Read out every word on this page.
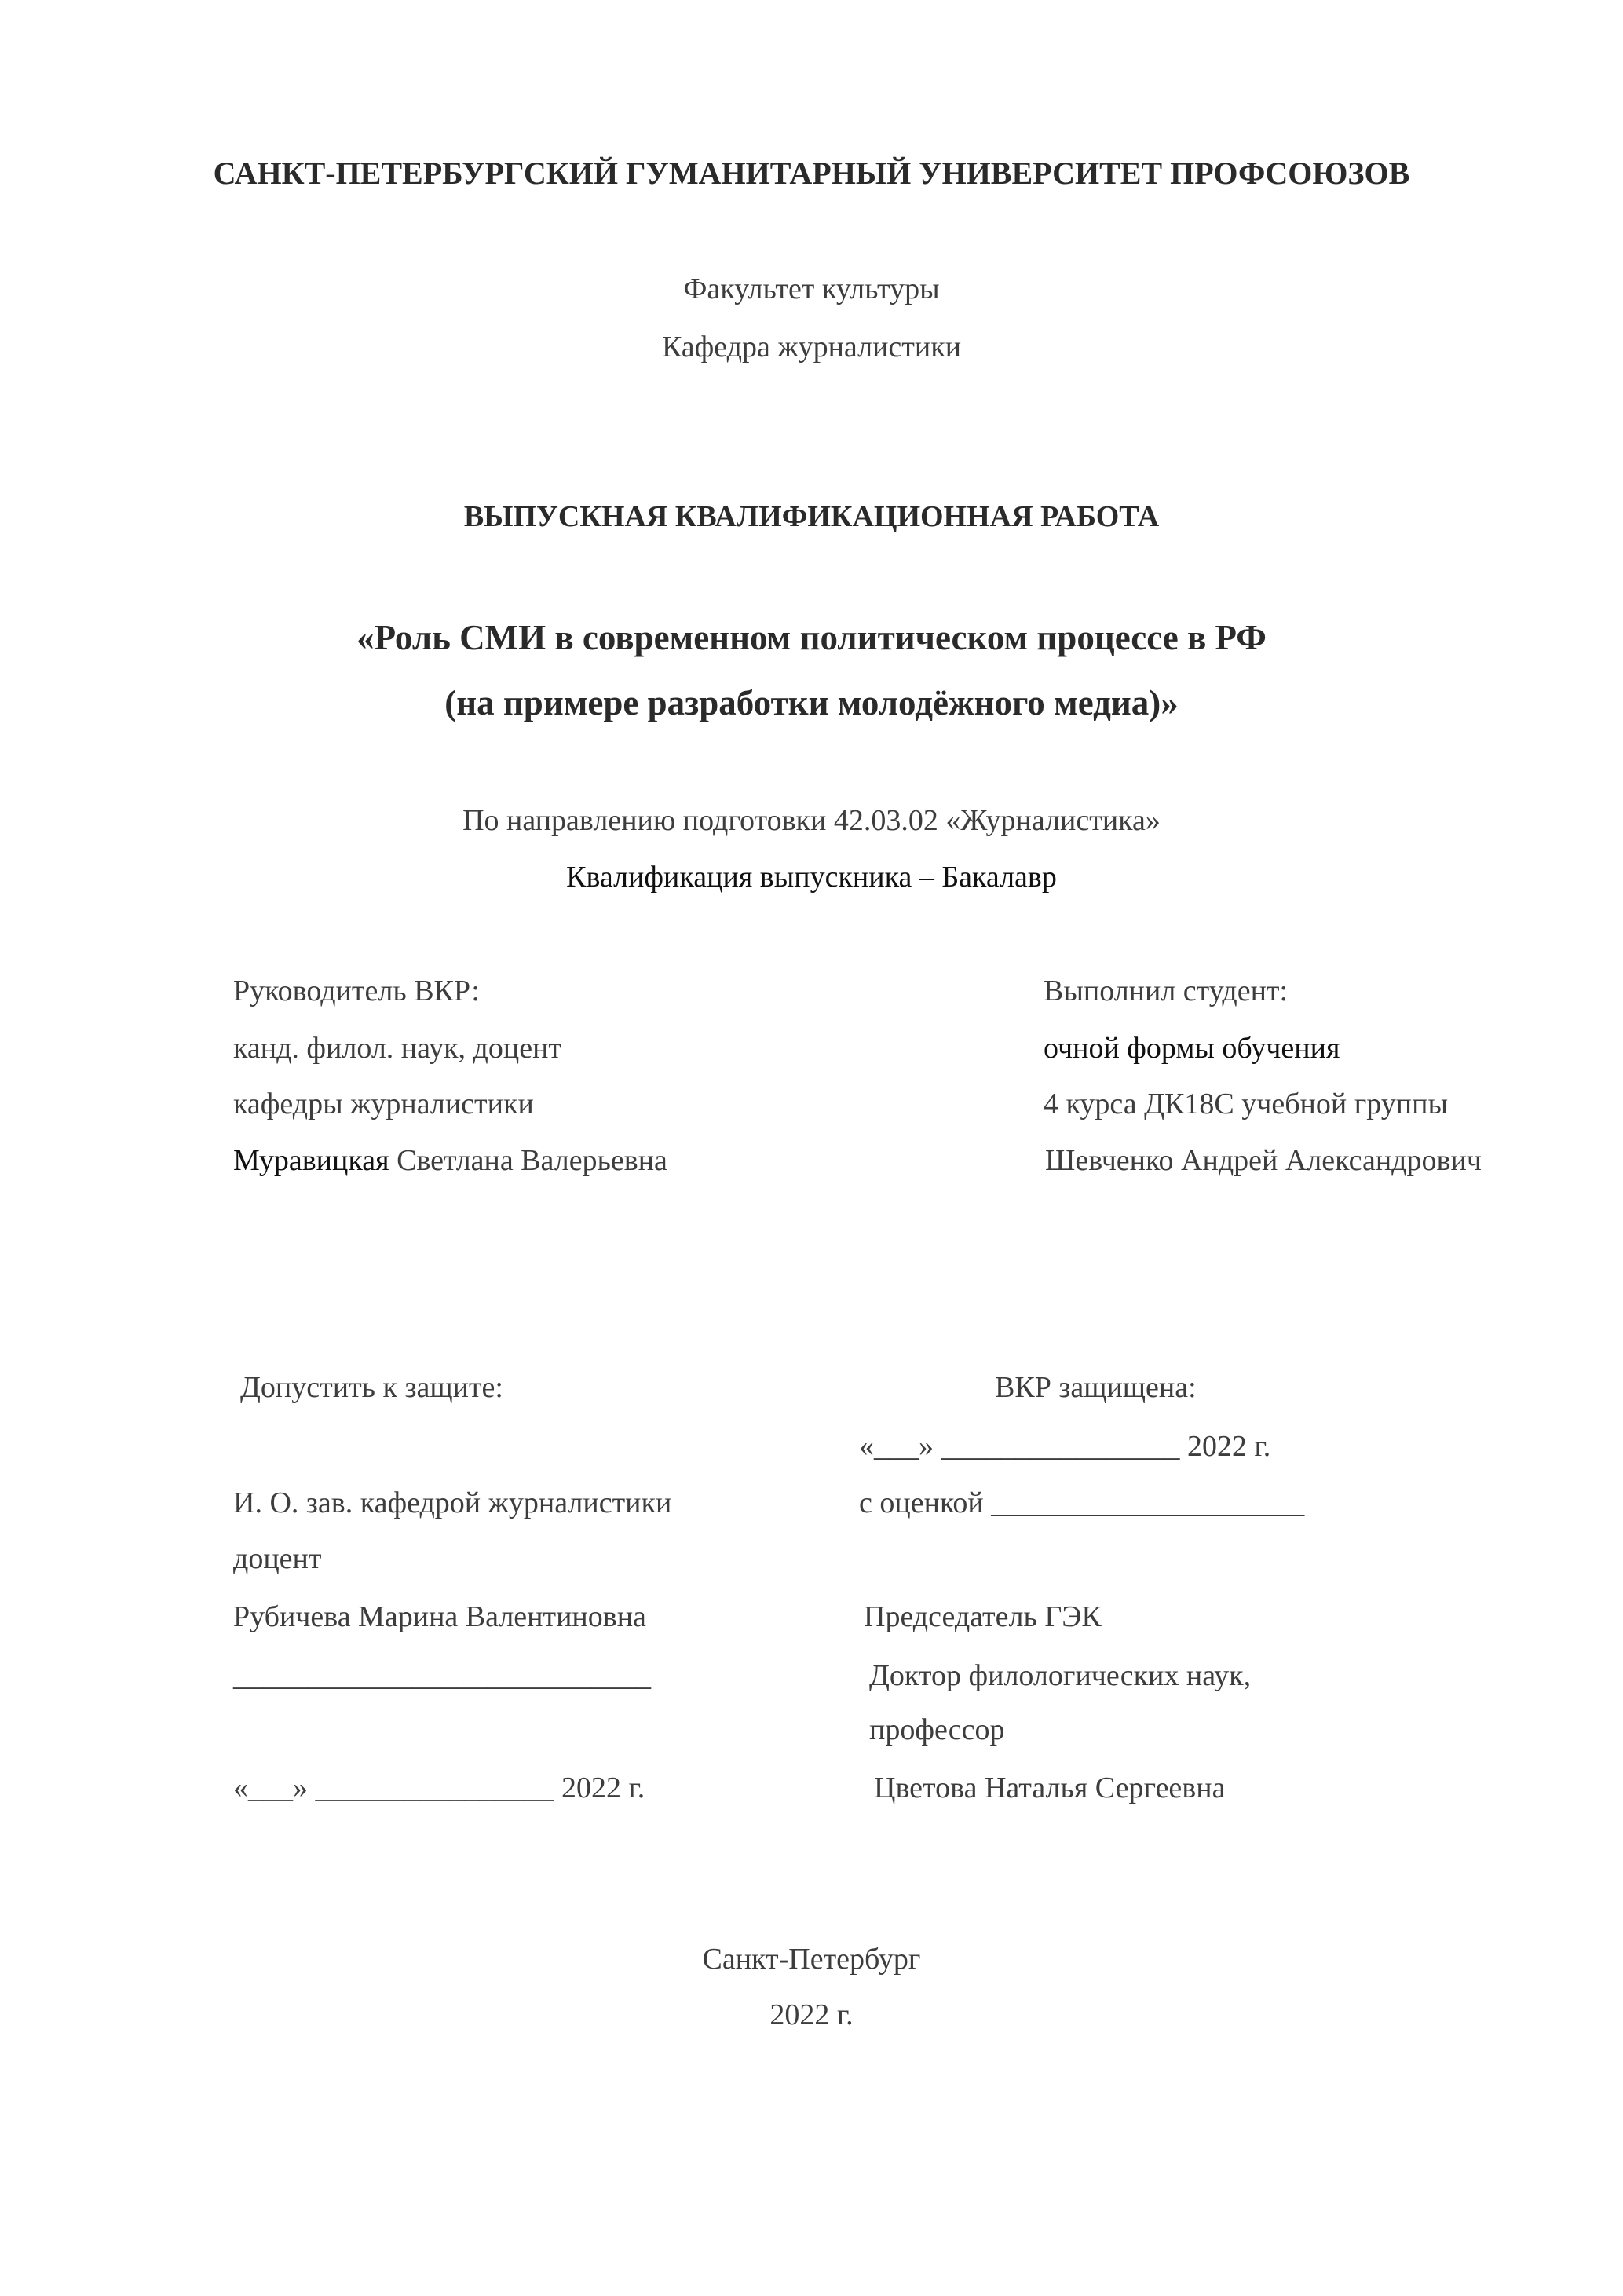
САНКТ-ПЕТЕРБУРГСКИЙ ГУМАНИТАРНЫЙ УНИВЕРСИТЕТ ПРОФСОЮЗОВ
Факультет культуры
Кафедра журналистики
ВЫПУСКНАЯ КВАЛИФИКАЦИОННАЯ РАБОТА
«Роль СМИ в современном политическом процессе в РФ
(на примере разработки молодёжного медиа)»
По направлению подготовки 42.03.02 «Журналистика»
Квалификация выпускника – Бакалавр
Руководитель ВКР:
канд. филол. наук, доцент
кафедры журналистики
Муравицкая Светлана Валерьевна
Выполнил студент:
очной формы обучения
4 курса ДК18С учебной группы
Шевченко Андрей Александрович
Допустить к защите:
И. О. зав. кафедрой журналистики
доцент
Рубичева Марина Валентиновна
____________________________
«___» ________________ 2022 г.
ВКР защищена:
«___» ________________ 2022 г.
с оценкой _____________________
Председатель ГЭК
Доктор филологических наук,
профессор
Цветова Наталья Сергеевна
Санкт-Петербург
2022 г.
